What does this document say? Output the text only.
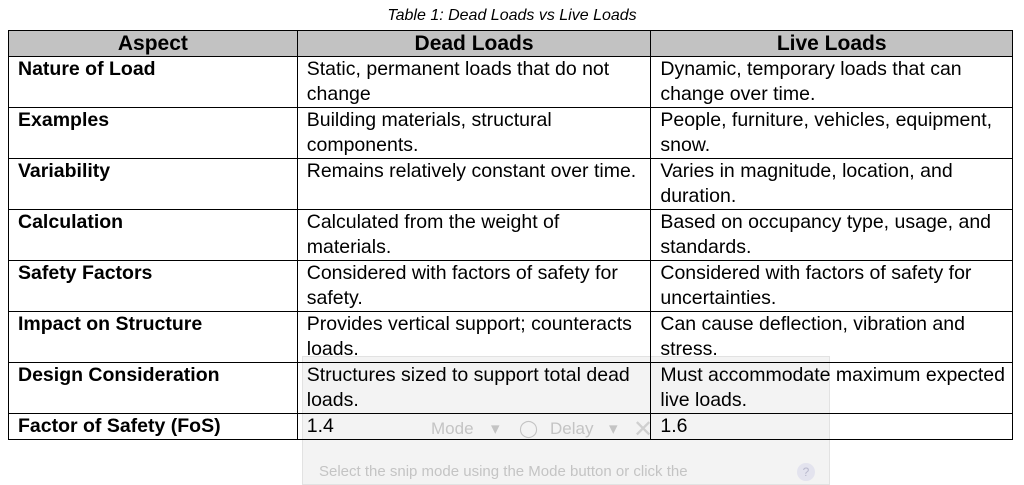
Table 1: Dead Loads vs Live Loads
Mode ▾ ◯ Delay ▾ ✕
Select the snip mode using the Mode button or click the	?
Aspect	Dead Loads	Live Loads
Nature of Load	Static, permanent loads that do not change	Dynamic, temporary loads that can change over time.
Examples	Building materials, structural components.	People, furniture, vehicles, equipment, snow.
Variability	Remains relatively constant over time.	Varies in magnitude, location, and duration.
Calculation	Calculated from the weight of materials.	Based on occupancy type, usage, and standards.
Safety Factors	Considered with factors of safety for safety.	Considered with factors of safety for uncertainties.
Impact on Structure	Provides vertical support; counteracts loads.	Can cause deflection, vibration and stress.
Design Consideration	Structures sized to support total dead loads.	Must accommodate maximum expected live loads.
Factor of Safety (FoS)	1.4	1.6
